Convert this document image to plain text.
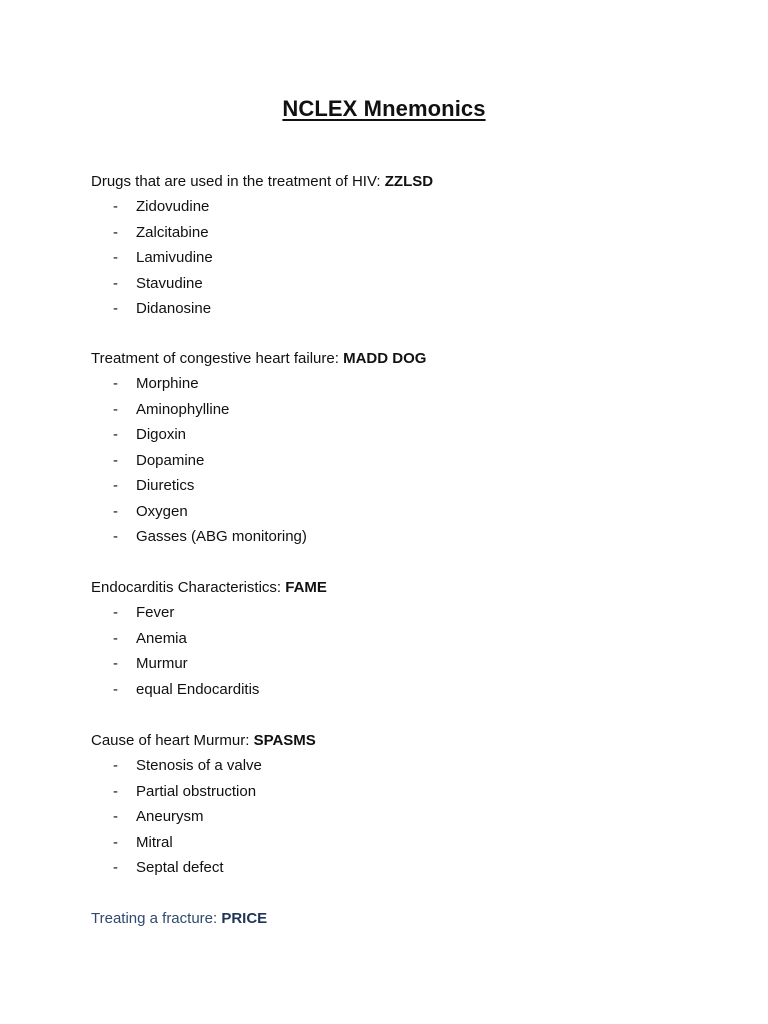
NCLEX Mnemonics
Drugs that are used in the treatment of HIV: ZZLSD
- Zidovudine
- Zalcitabine
- Lamivudine
- Stavudine
- Didanosine
Treatment of congestive heart failure: MADD DOG
- Morphine
- Aminophylline
- Digoxin
- Dopamine
- Diuretics
- Oxygen
- Gasses (ABG monitoring)
Endocarditis Characteristics: FAME
- Fever
- Anemia
- Murmur
- equal Endocarditis
Cause of heart Murmur: SPASMS
- Stenosis of a valve
- Partial obstruction
- Aneurysm
- Mitral
- Septal defect
Treating a fracture: PRICE
